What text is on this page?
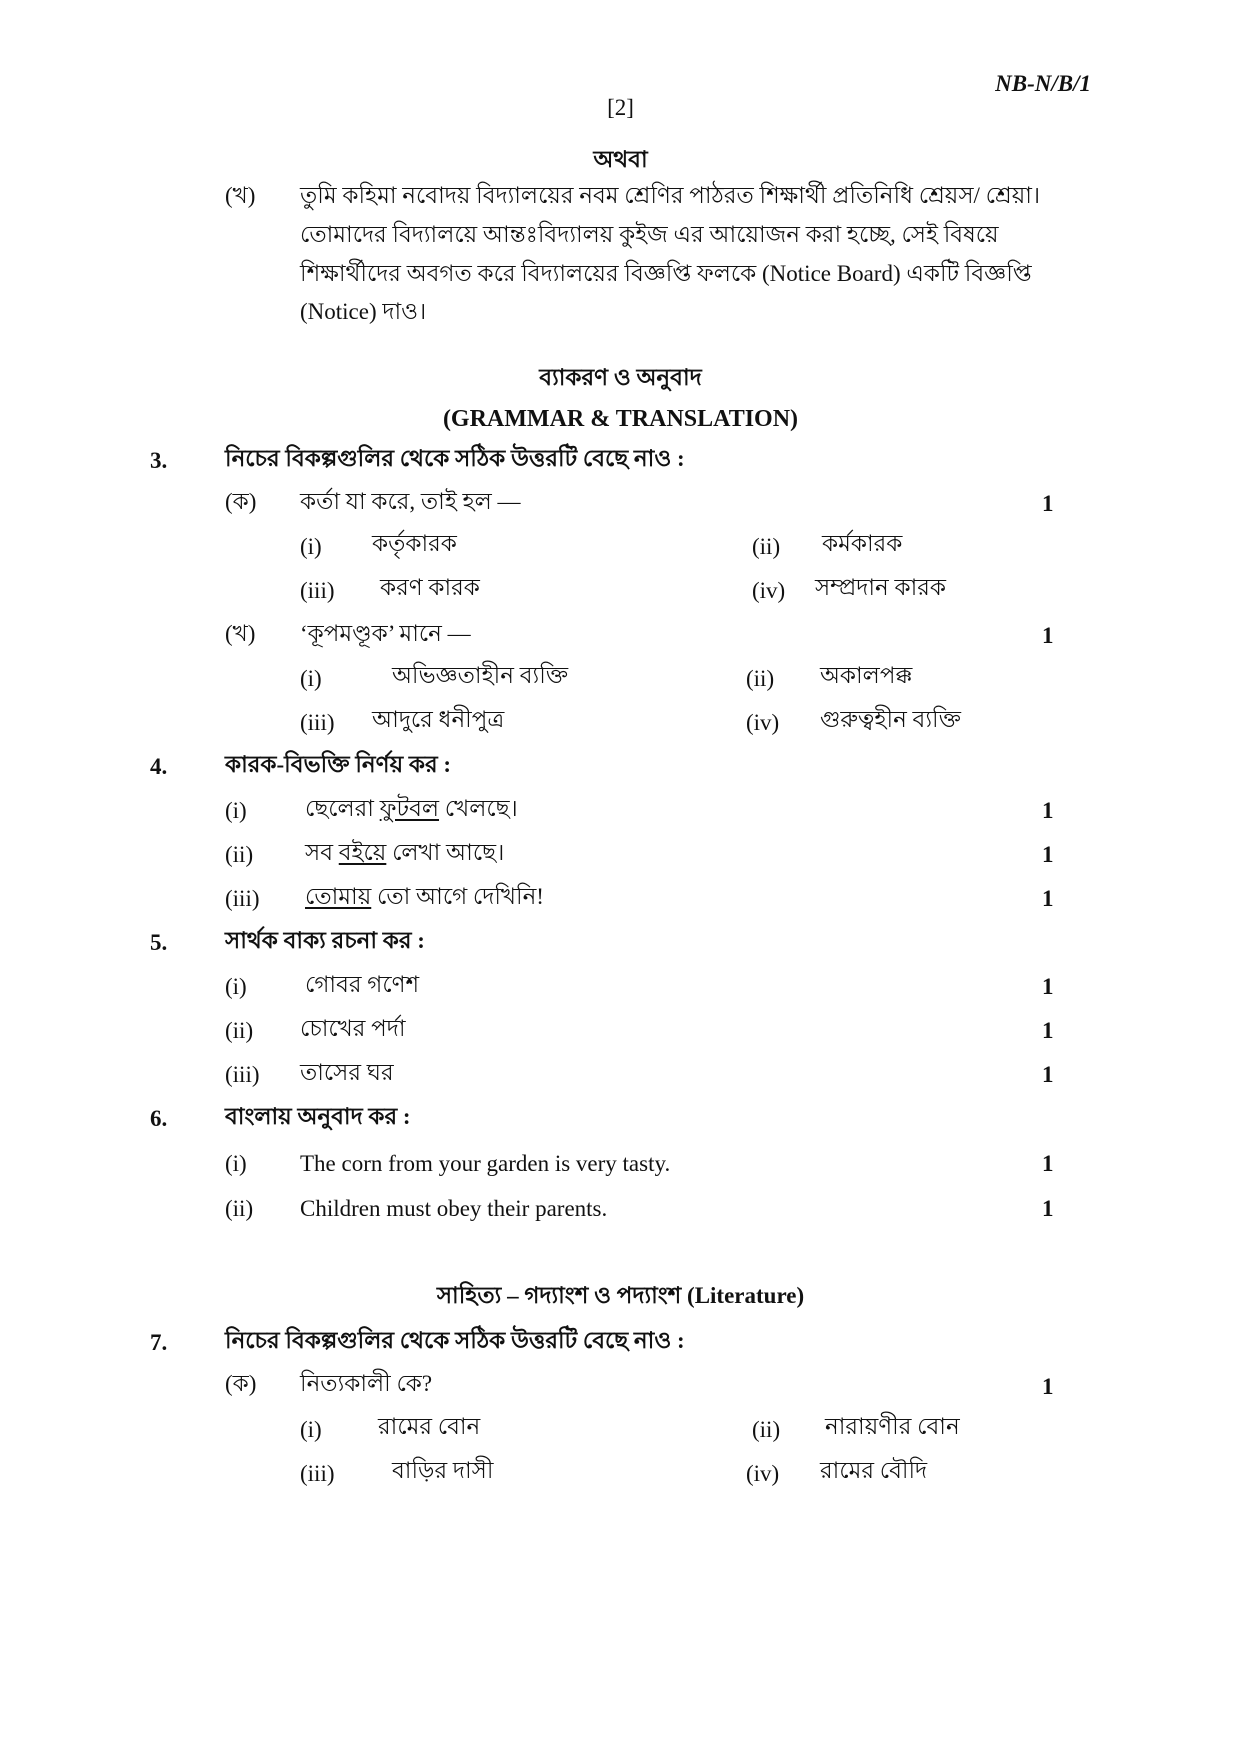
NB-N/B/1
[2]
অথবা
(খ) তুমি কহিমা নবোদয় বিদ্যালয়ের নবম শ্রেণির পাঠরত শিক্ষার্থী প্রতিনিধি শ্রেয়স/ শ্রেয়া।
তোমাদের বিদ্যালয়ে আন্তঃবিদ্যালয় কুইজ এর আয়োজন করা হচ্ছে, সেই বিষয়ে
শিক্ষার্থীদের অবগত করে বিদ্যালয়ের বিজ্ঞপ্তি ফলকে (Notice Board) একটি বিজ্ঞপ্তি
(Notice) দাও।
ব্যাকরণ ও অনুবাদ
(GRAMMAR & TRANSLATION)
3.	নিচের বিকল্পগুলির থেকে সঠিক উত্তরটি বেছে নাও :
(ক) কর্তা যা করে, তাই হল —	1
(i) কর্তৃকারক	(ii) কর্মকারক
(iii) করণ কারক	(iv) সম্প্রদান কারক
(খ) ‘কূপমণ্ডূক’ মানে —	1
(i)	অভিজ্ঞতাহীন ব্যক্তি	(ii) অকালপক্ক
(iii) আদুরে ধনীপুত্র	(iv) গুরুত্বহীন ব্যক্তি
4.	কারক-বিভক্তি নির্ণয় কর :
(i)	ছেলেরা ফুটবল খেলছে।	1
(ii) সব বইয়ে লেখা আছে।	1
(iii) তোমায় তো আগে দেখিনি!	1
5.	সার্থক বাক্য রচনা কর :
(i)	গোবর গণেশ	1
(ii) চোখের পর্দা	1
(iii) তাসের ঘর	1
6.	বাংলায় অনুবাদ কর :
(i) The corn from your garden is very tasty.	1
(ii) Children must obey their parents.	1
সাহিত্য – গদ্যাংশ ও পদ্যাংশ (Literature)
7.	নিচের বিকল্পগুলির থেকে সঠিক উত্তরটি বেছে নাও :
(ক) নিত্যকালী কে?	1
(i) রামের বোন	(ii) নারায়ণীর বোন
(iii)	বাড়ির দাসী	(iv) রামের বৌদি
